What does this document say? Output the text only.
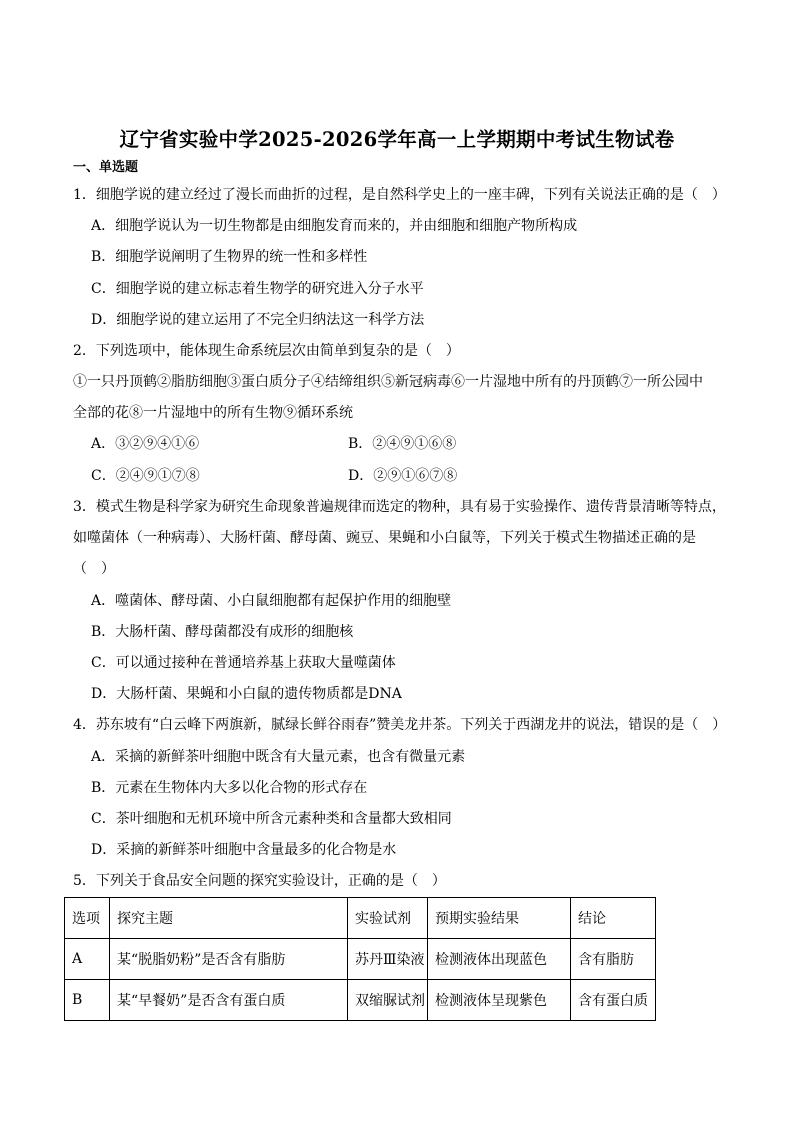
辽宁省实验中学2025-2026学年高一上学期期中考试生物试卷
一、单选题
1．细胞学说的建立经过了漫长而曲折的过程，是自然科学史上的一座丰碑，下列有关说法正确的是（　）
A．细胞学说认为一切生物都是由细胞发育而来的，并由细胞和细胞产物所构成
B．细胞学说阐明了生物界的统一性和多样性
C．细胞学说的建立标志着生物学的研究进入分子水平
D．细胞学说的建立运用了不完全归纳法这一科学方法
2．下列选项中，能体现生命系统层次由简单到复杂的是（　）
①一只丹顶鹤②脂肪细胞③蛋白质分子④结缔组织⑤新冠病毒⑥一片湿地中所有的丹顶鹤⑦一所公园中
全部的花⑧一片湿地中的所有生物⑨循环系统
A．③②⑨④①⑥	B．②④⑨①⑥⑧
C．②④⑨①⑦⑧	D．②⑨①⑥⑦⑧
3．模式生物是科学家为研究生命现象普遍规律而选定的物种，具有易于实验操作、遗传背景清晰等特点，
如噬菌体（一种病毒）、大肠杆菌、酵母菌、豌豆、果蝇和小白鼠等，下列关于模式生物描述正确的是
（　）
A．噬菌体、酵母菌、小白鼠细胞都有起保护作用的细胞壁
B．大肠杆菌、酵母菌都没有成形的细胞核
C．可以通过接种在普通培养基上获取大量噬菌体
D．大肠杆菌、果蝇和小白鼠的遗传物质都是DNA
4．苏东坡有“白云峰下两旗新，腻绿长鲜谷雨春”赞美龙井茶。下列关于西湖龙井的说法，错误的是（　）
A．采摘的新鲜茶叶细胞中既含有大量元素，也含有微量元素
B．元素在生物体内大多以化合物的形式存在
C．茶叶细胞和无机环境中所含元素种类和含量都大致相同
D．采摘的新鲜茶叶细胞中含量最多的化合物是水
5．下列关于食品安全问题的探究实验设计，正确的是（　）
选项	探究主题	实验试剂	预期实验结果	结论
A	某“脱脂奶粉”是否含有脂肪	苏丹Ⅲ染液	检测液体出现蓝色	含有脂肪
B	某“早餐奶”是否含有蛋白质	双缩脲试剂	检测液体呈现紫色	含有蛋白质
